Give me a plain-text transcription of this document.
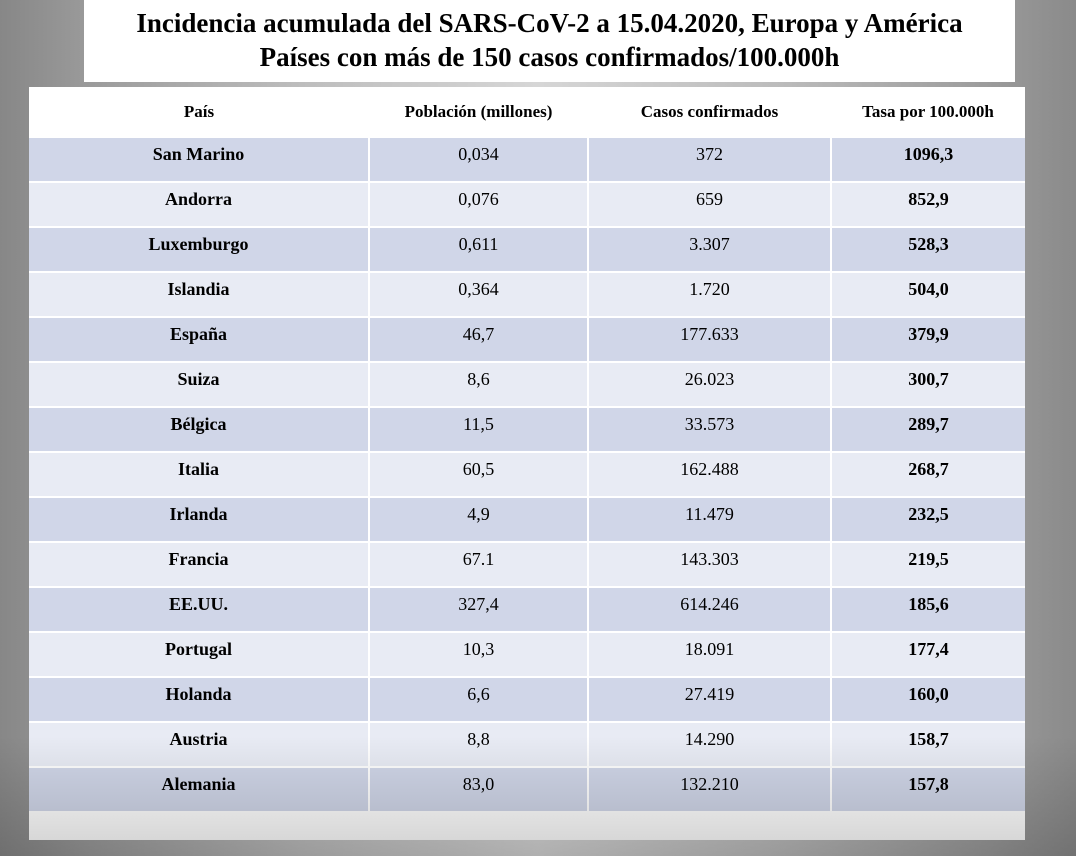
Incidencia acumulada del SARS-CoV-2 a 15.04.2020, Europa y América
Países con más de 150 casos confirmados/100.000h
País	Población (millones)	Casos confirmados	Tasa por 100.000h
San Marino	0,034	372	1096,3
Andorra	0,076	659	852,9
Luxemburgo	0,611	3.307	528,3
Islandia	0,364	1.720	504,0
España	46,7	177.633	379,9
Suiza	8,6	26.023	300,7
Bélgica	11,5	33.573	289,7
Italia	60,5	162.488	268,7
Irlanda	4,9	11.479	232,5
Francia	67.1	143.303	219,5
EE.UU.	327,4	614.246	185,6
Portugal	10,3	18.091	177,4
Holanda	6,6	27.419	160,0
Austria	8,8	14.290	158,7
Alemania	83,0	132.210	157,8
